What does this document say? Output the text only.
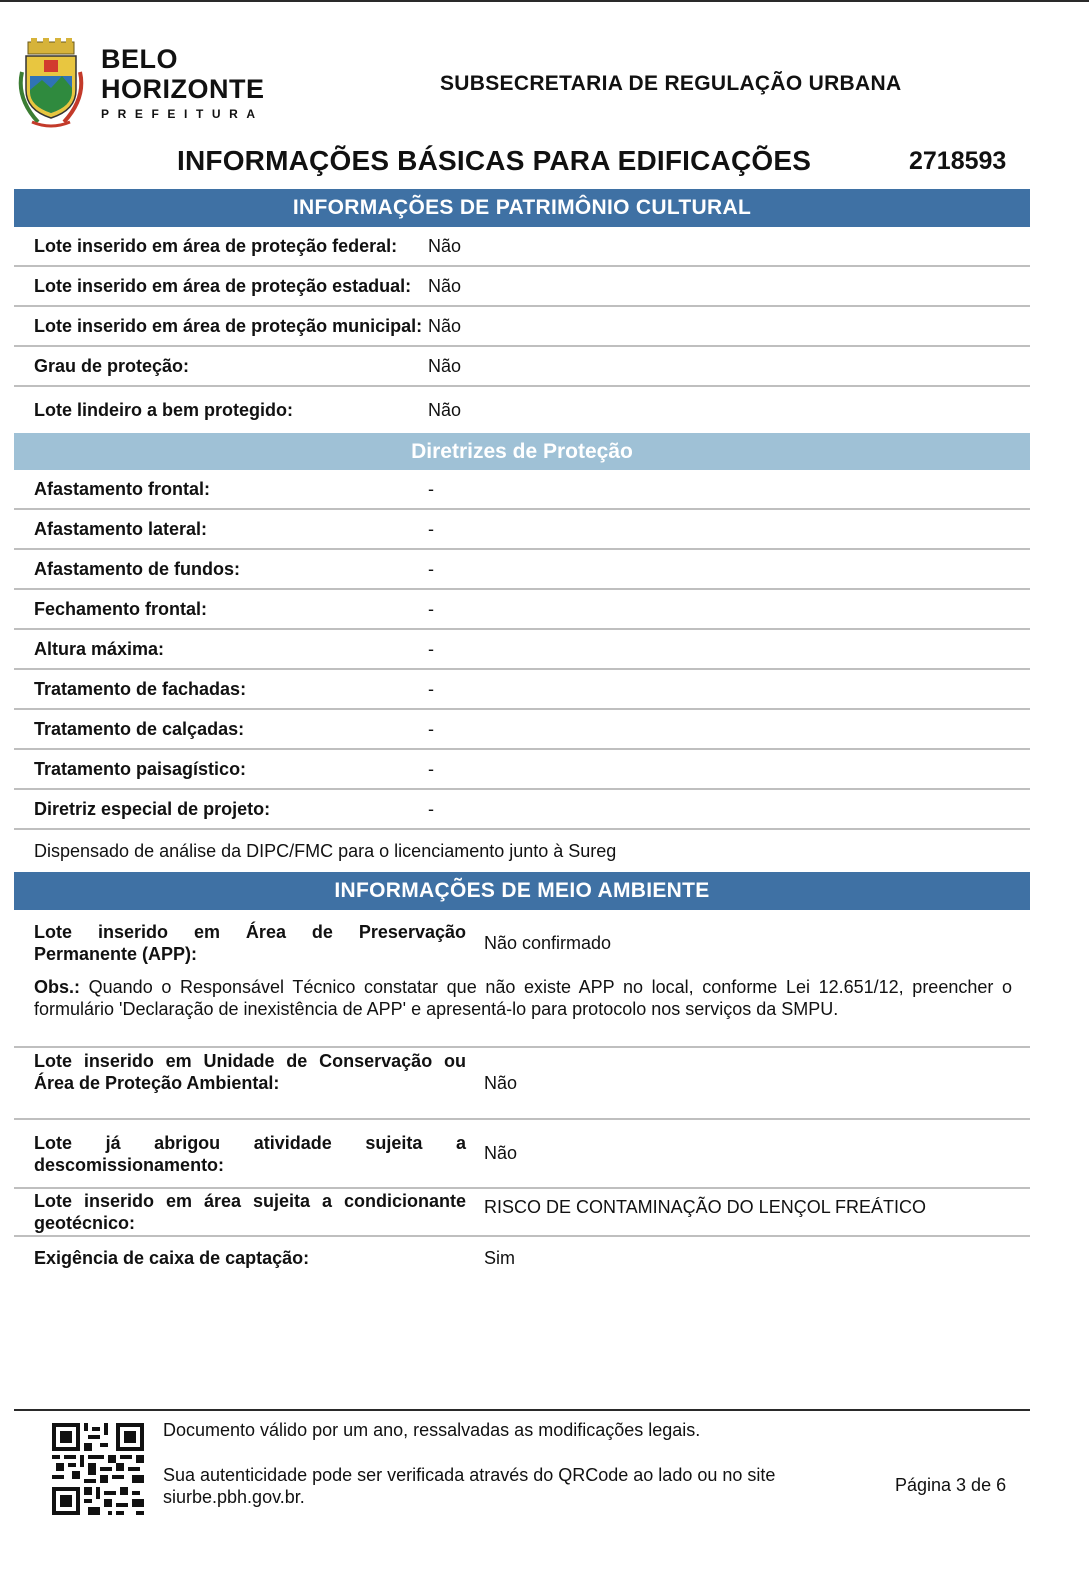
BELO
HORIZONTE
PREFEITURA
SUBSECRETARIA DE REGULAÇÃO URBANA
INFORMAÇÕES BÁSICAS PARA EDIFICAÇÕES	2718593
INFORMAÇÕES DE PATRIMÔNIO CULTURAL
Lote inserido em área de proteção federal:	Não
Lote inserido em área de proteção estadual: Não
Lote inserido em área de proteção municipal: Não
Grau de proteção:	Não
Lote lindeiro a bem protegido:	Não
Diretrizes de Proteção
Afastamento frontal:	-
Afastamento lateral:	-
Afastamento de fundos:	-
Fechamento frontal:	-
Altura máxima:	-
Tratamento de fachadas:	-
Tratamento de calçadas:	-
Tratamento paisagístico:	-
Diretriz especial de projeto:	-
Dispensado de análise da DIPC/FMC para o licenciamento junto à Sureg
INFORMAÇÕES DE MEIO AMBIENTE
Lote inserido em Área de Preservação Permanente (APP):
Não confirmado
Obs.: Quando o Responsável Técnico constatar que não existe APP no local, conforme Lei 12.651/12, preencher o formulário 'Declaração de inexistência de APP' e apresentá-lo para protocolo nos serviços da SMPU.
Lote inserido em Unidade de Conservação ou Área de Proteção Ambiental:	Não
Lote já abrigou atividade sujeita a descomissionamento:
Não
Lote inserido em área sujeita a condicionante geotécnico:
RISCO DE CONTAMINAÇÃO DO LENÇOL FREÁTICO
Exigência de caixa de captação:	Sim
Documento válido por um ano, ressalvadas as modificações legais.
Sua autenticidade pode ser verificada através do QRCode ao lado ou no site siurbe.pbh.gov.br.
Página 3 de 6
